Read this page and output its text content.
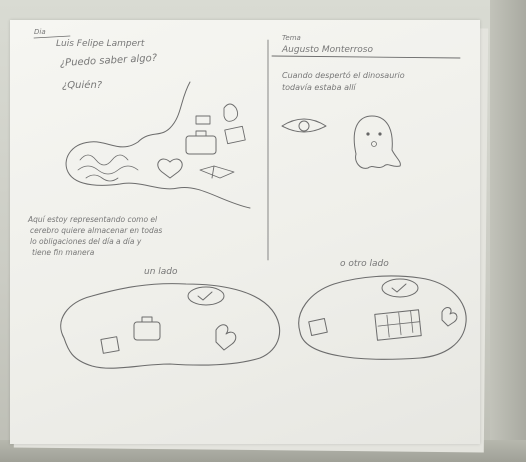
Dia
Luis Felipe Lampert
¿Puedo saber algo?
¿Quién?
Tema
Augusto Monterroso
Cuando despertó el dinosaurio
todavía estaba allí
Aquí estoy representando como el
cerebro quiere almacenar en todas
lo obligaciones del día a día y
tiene fin manera
un lado
o otro lado
